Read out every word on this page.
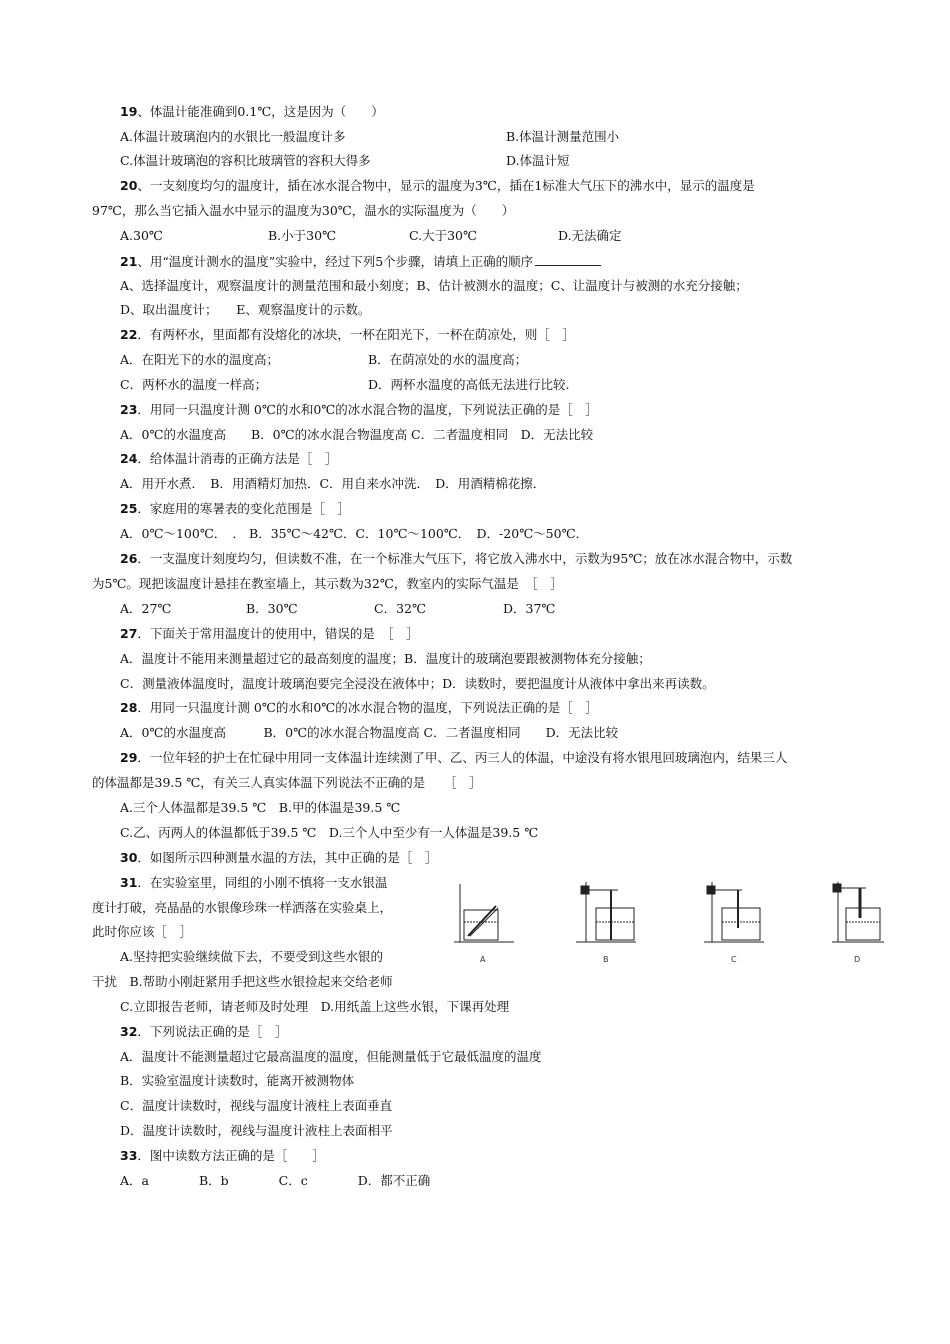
19、体温计能准确到0.1℃，这是因为（　　）
A.体温计玻璃泡内的水银比一般温度计多	B.体温计测量范围小
C.体温计玻璃泡的容积比玻璃管的容积大得多	D.体温计短
20、一支刻度均匀的温度计，插在冰水混合物中，显示的温度为3℃，插在1标准大气压下的沸水中，显示的温度是
97℃，那么当它插入温水中显示的温度为30℃，温水的实际温度为（　　）
A.30℃	B.小于30℃	C.大于30℃	D.无法确定
21、用“温度计测水的温度”实验中，经过下列5个步骤，请填上正确的顺序
A、选择温度计，观察温度计的测量范围和最小刻度；B、估计被测水的温度；C、让温度计与被测的水充分接触；
D、取出温度计；　　E、观察温度计的示数。
22．有两杯水，里面都有没熔化的冰块，一杯在阳光下，一杯在荫凉处，则［　］
A．在阳光下的水的温度高；	B．在荫凉处的水的温度高；
C．两杯水的温度一样高；	D．两杯水温度的高低无法进行比较.
23．用同一只温度计测 0℃的水和0℃的冰水混合物的温度，下列说法正确的是［　］
A．0℃的水温度高　　B．0℃的冰水混合物温度高 C．二者温度相同　D．无法比较
24．给体温计消毒的正确方法是［　］
A．用开水煮．　B．用酒精灯加热．C．用自来水冲洗．　D．用酒精棉花擦．
25．家庭用的寒暑表的变化范围是［　］
A．0℃～100℃．　． B．35℃～42℃．C．10℃～100℃．　D．-20℃～50℃．
26．一支温度计刻度均匀，但读数不准，在一个标准大气压下，将它放入沸水中，示数为95℃；放在冰水混合物中，示数
为5℃。现把该温度计悬挂在教室墙上，其示数为32℃，教室内的实际气温是　［　］
A．27℃	B．30℃	C．32℃	D．37℃
27．下面关于常用温度计的使用中，错误的是　［　］
A．温度计不能用来测量超过它的最高刻度的温度；B．温度计的玻璃泡要跟被测物体充分接触；
C．测量液体温度时，温度计玻璃泡要完全浸没在液体中；D．读数时，要把温度计从液体中拿出来再读数。
28．用同一只温度计测 0℃的水和0℃的冰水混合物的温度，下列说法正确的是［　］
A．0℃的水温度高　　　B．0℃的冰水混合物温度高 C．二者温度相同　　D．无法比较
29．一位年轻的护士在忙碌中用同一支体温计连续测了甲、乙、丙三人的体温，中途没有将水银甩回玻璃泡内，结果三人
的体温都是39.5 ℃，有关三人真实体温下列说法不正确的是　　［　］
A.三个人体温都是39.5 ℃　B.甲的体温是39.5 ℃
C.乙、丙两人的体温都低于39.5 ℃　D.三个人中至少有一人体温是39.5 ℃
30．如图所示四种测量水温的方法，其中正确的是［　］
31．在实验室里，同组的小刚不慎将一支水银温
度计打破，亮晶晶的水银像珍珠一样洒落在实验桌上，
此时你应该［　］
A.坚持把实验继续做下去，不要受到这些水银的
干扰　B.帮助小刚赶紧用手把这些水银捡起来交给老师
C.立即报告老师，请老师及时处理　D.用纸盖上这些水银，下课再处理
A	B	C	D
32．下列说法正确的是［　］
A．温度计不能测量超过它最高温度的温度，但能测量低于它最低温度的温度
B．实验室温度计读数时，能离开被测物体
C．温度计读数时，视线与温度计液柱上表面垂直
D．温度计读数时，视线与温度计液柱上表面相平
33．图中读数方法正确的是［　　］
A．a　　　　B．b　　　　C．c　　　　D．都不正确
